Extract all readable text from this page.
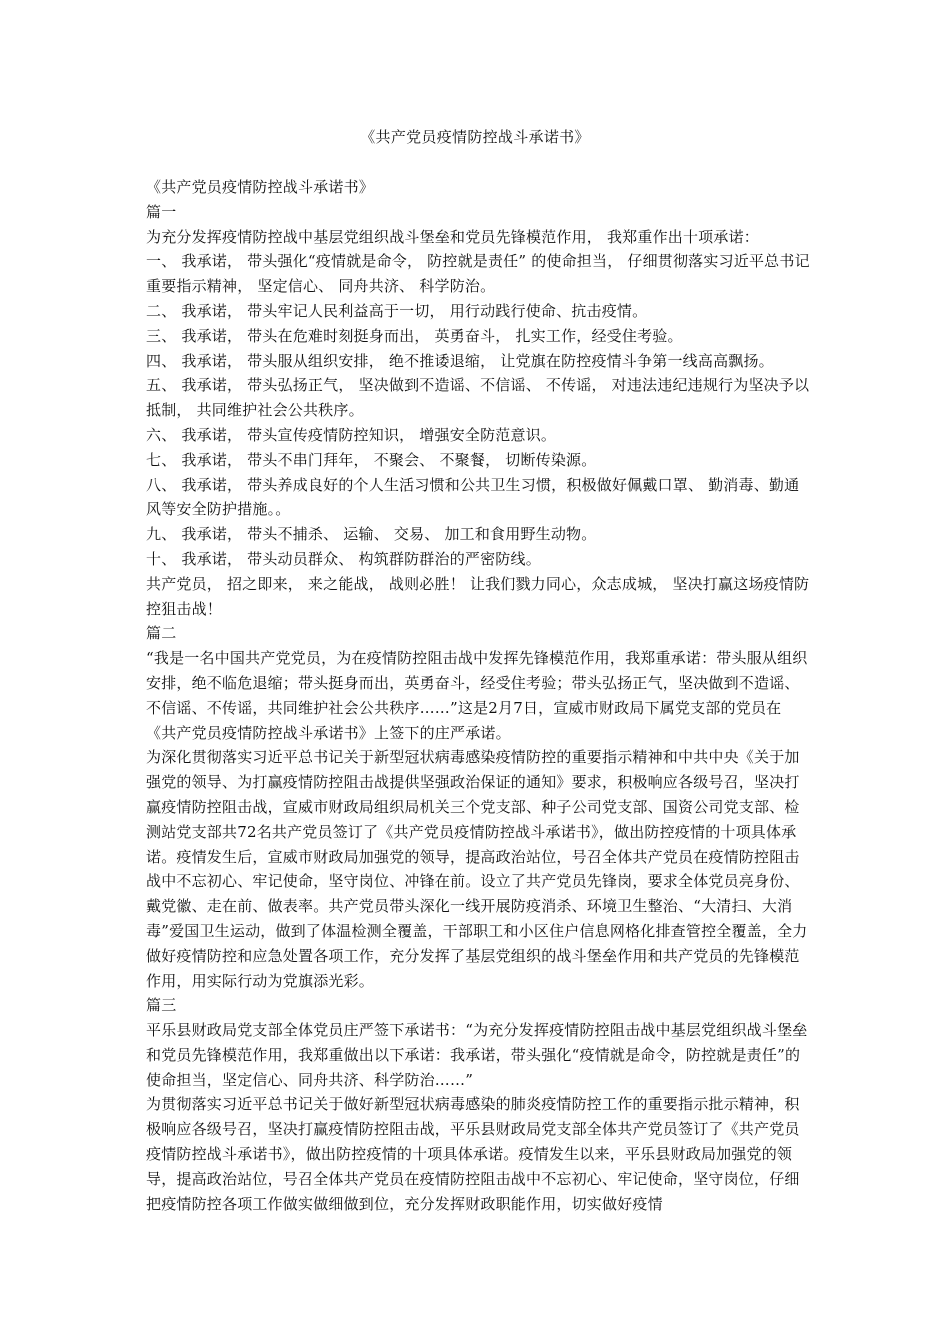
《共产党员疫情防控战斗承诺书》

《共产党员疫情防控战斗承诺书》

篇一

为充分发挥疫情防控战中基层党组织战斗堡垒和党员先锋模范作用， 我郑重作出十项承诺：

一、 我承诺， 带头强化“疫情就是命令， 防控就是责任” 的使命担当， 仔细贯彻落实习近平总书记重要指示精神， 坚定信心、 同舟共济、 科学防治。

二、 我承诺， 带头牢记人民利益高于一切， 用行动践行使命、抗击疫情。

三、 我承诺， 带头在危难时刻挺身而出， 英勇奋斗， 扎实工作，经受住考验。

四、 我承诺， 带头服从组织安排， 绝不推诿退缩， 让党旗在防控疫情斗争第一线高高飘扬。

五、 我承诺， 带头弘扬正气， 坚决做到不造谣、不信谣、 不传谣， 对违法违纪违规行为坚决予以抵制， 共同维护社会公共秩序。

六、 我承诺， 带头宣传疫情防控知识， 增强安全防范意识。

七、 我承诺， 带头不串门拜年， 不聚会、 不聚餐， 切断传染源。

八、 我承诺， 带头养成良好的个人生活习惯和公共卫生习惯，积极做好佩戴口罩、 勤消毒、勤通风等安全防护措施。。

九、 我承诺， 带头不捕杀、 运输、 交易、 加工和食用野生动物。

十、 我承诺， 带头动员群众、 构筑群防群治的严密防线。

共产党员， 招之即来， 来之能战， 战则必胜！ 让我们戮力同心，众志成城， 坚决打赢这场疫情防控狙击战！

篇二

“我是一名中国共产党党员，为在疫情防控阻击战中发挥先锋模范作用，我郑重承诺：带头服从组织安排，绝不临危退缩；带头挺身而出，英勇奋斗，经受住考验；带头弘扬正气，坚决做到不造谣、不信谣、不传谣，共同维护社会公共秩序……”这是2月7日，宣威市财政局下属党支部的党员在《共产党员疫情防控战斗承诺书》上签下的庄严承诺。

为深化贯彻落实习近平总书记关于新型冠状病毒感染疫情防控的重要指示精神和中共中央《关于加强党的领导、为打赢疫情防控阻击战提供坚强政治保证的通知》要求，积极响应各级号召，坚决打赢疫情防控阻击战，宣威市财政局组织局机关三个党支部、种子公司党支部、国资公司党支部、检测站党支部共72名共产党员签订了《共产党员疫情防控战斗承诺书》，做出防控疫情的十项具体承诺。疫情发生后，宣威市财政局加强党的领导，提高政治站位，号召全体共产党员在疫情防控阻击战中不忘初心、牢记使命，坚守岗位、冲锋在前。设立了共产党员先锋岗，要求全体党员亮身份、戴党徽、走在前、做表率。共产党员带头深化一线开展防疫消杀、环境卫生整治、“大清扫、大消毒”爱国卫生运动，做到了体温检测全覆盖，干部职工和小区住户信息网格化排查管控全覆盖，全力做好疫情防控和应急处置各项工作，充分发挥了基层党组织的战斗堡垒作用和共产党员的先锋模范作用，用实际行动为党旗添光彩。

篇三

平乐县财政局党支部全体党员庄严签下承诺书：“为充分发挥疫情防控阻击战中基层党组织战斗堡垒和党员先锋模范作用，我郑重做出以下承诺：我承诺，带头强化“疫情就是命令，防控就是责任”的使命担当，坚定信心、同舟共济、科学防治……”

为贯彻落实习近平总书记关于做好新型冠状病毒感染的肺炎疫情防控工作的重要指示批示精神，积极响应各级号召，坚决打赢疫情防控阻击战，平乐县财政局党支部全体共产党员签订了《共产党员疫情防控战斗承诺书》，做出防控疫情的十项具体承诺。疫情发生以来，平乐县财政局加强党的领导，提高政治站位，号召全体共产党员在疫情防控阻击战中不忘初心、牢记使命，坚守岗位，仔细把疫情防控各项工作做实做细做到位，充分发挥财政职能作用，切实做好疫情
